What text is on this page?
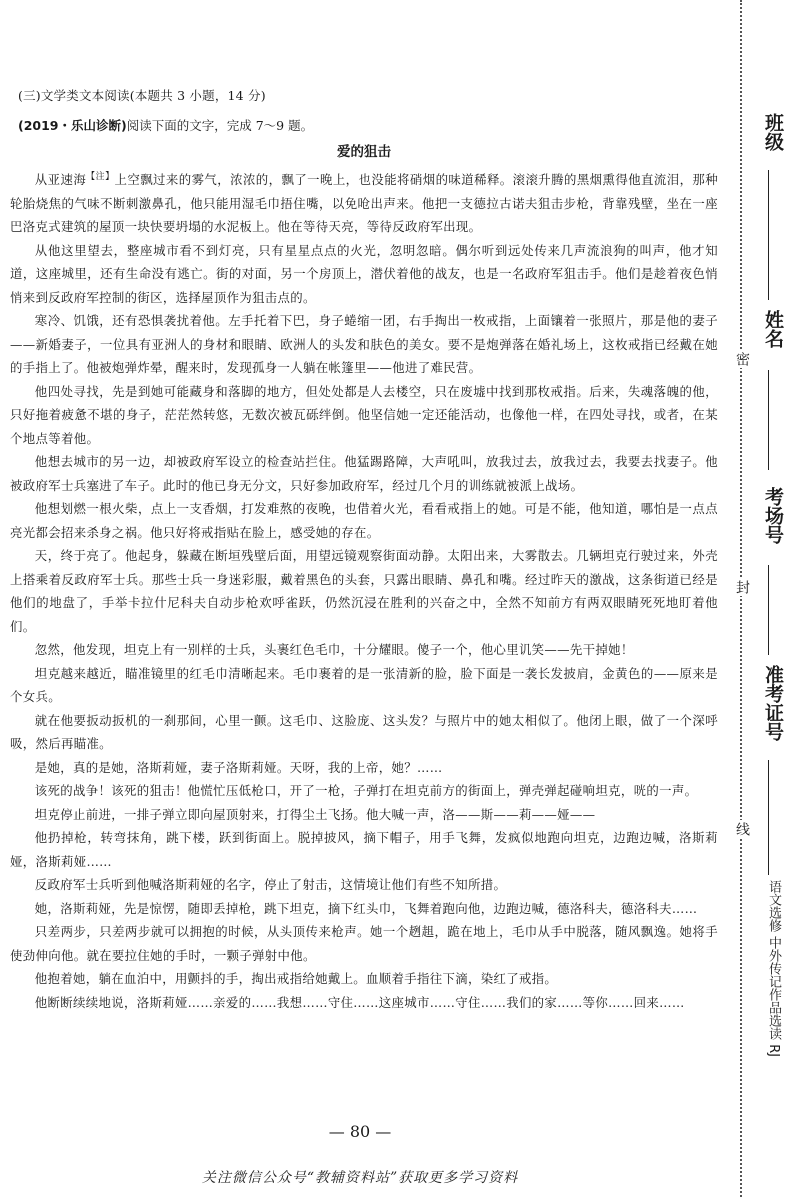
(三)文学类文本阅读(本题共 3 小题，14 分)
(2019・乐山诊断)阅读下面的文字，完成 7～9 题。
爱的狙击

从亚速海$^{【注】}$上空飘过来的雾气，浓浓的，飘了一晚上，也没能将硝烟的味道稀释。滚滚升腾的黑烟熏得他直流泪，那种轮胎烧焦的气味不断刺激鼻孔，他只能用湿毛巾捂住嘴，以免呛出声来。他把一支德拉古诺夫狙击步枪，背靠残壁，坐在一座巴洛克式建筑的屋顶一块快要坍塌的水泥板上。他在等待天亮，等待反政府军出现。

从他这里望去，整座城市看不到灯亮，只有星星点点的火光，忽明忽暗。偶尔听到远处传来几声流浪狗的叫声，他才知道，这座城里，还有生命没有逃亡。街的对面，另一个房顶上，潜伏着他的战友，也是一名政府军狙击手。他们是趁着夜色悄悄来到反政府军控制的街区，选择屋顶作为狙击点的。

寒冷、饥饿，还有恐惧袭扰着他。左手托着下巴，身子蜷缩一团，右手掏出一枚戒指，上面镶着一张照片，那是他的妻子——新婚妻子，一位具有亚洲人的身材和眼睛、欧洲人的头发和肤色的美女。要不是炮弹落在婚礼场上，这枚戒指已经戴在她的手指上了。他被炮弹炸晕，醒来时，发现孤身一人躺在帐篷里——他进了难民营。

他四处寻找，先是到她可能藏身和落脚的地方，但处处都是人去楼空，只在废墟中找到那枚戒指。后来，失魂落魄的他，只好拖着疲惫不堪的身子，茫茫然转悠，无数次被瓦砾绊倒。他坚信她一定还能活动，也像他一样，在四处寻找，或者，在某个地点等着他。

他想去城市的另一边，却被政府军设立的检查站拦住。他猛踢路障，大声吼叫，放我过去，放我过去，我要去找妻子。他被政府军士兵塞进了车子。此时的他已身无分文，只好参加政府军，经过几个月的训练就被派上战场。

他想划燃一根火柴，点上一支香烟，打发难熬的夜晚，也借着火光，看看戒指上的她。可是不能，他知道，哪怕是一点点亮光都会招来杀身之祸。他只好将戒指贴在脸上，感受她的存在。

天，终于亮了。他起身，躲藏在断垣残壁后面，用望远镜观察街面动静。太阳出来，大雾散去。几辆坦克行驶过来，外壳上搭乘着反政府军士兵。那些士兵一身迷彩服，戴着黑色的头套，只露出眼睛、鼻孔和嘴。经过昨天的激战，这条街道已经是他们的地盘了，手举卡拉什尼科夫自动步枪欢呼雀跃，仍然沉浸在胜利的兴奋之中，全然不知前方有两双眼睛死死地盯着他们。

忽然，他发现，坦克上有一别样的士兵，头裹红色毛巾，十分耀眼。傻子一个，他心里讥笑——先干掉她！

坦克越来越近，瞄准镜里的红毛巾清晰起来。毛巾裹着的是一张清新的脸，脸下面是一袭长发披肩，金黄色的——原来是个女兵。

就在他要扳动扳机的一刹那间，心里一颤。这毛巾、这脸庞、这头发？与照片中的她太相似了。他闭上眼，做了一个深呼吸，然后再瞄准。

是她，真的是她，洛斯莉娅，妻子洛斯莉娅。天呀，我的上帝，她？……

该死的战争！该死的狙击！他慌忙压低枪口，开了一枪，子弹打在坦克前方的街面上，弹壳弹起碰响坦克，咣的一声。

坦克停止前进，一排子弹立即向屋顶射来，打得尘土飞扬。他大喊一声，洛——斯——莉——娅——

他扔掉枪，转弯抹角，跳下楼，跃到街面上。脱掉披风，摘下帽子，用手飞舞，发疯似地跑向坦克，边跑边喊，洛斯莉娅，洛斯莉娅……

反政府军士兵听到他喊洛斯莉娅的名字，停止了射击，这情境让他们有些不知所措。

她，洛斯莉娅，先是惊愣，随即丢掉枪，跳下坦克，摘下红头巾，飞舞着跑向他，边跑边喊，德洛科夫，德洛科夫……

只差两步，只差两步就可以拥抱的时候，从头顶传来枪声。她一个趔趄，跪在地上，毛巾从手中脱落，随风飘逸。她将手使劲伸向他。就在要拉住她的手时，一颗子弹射中他。

他抱着她，躺在血泊中，用颤抖的手，掏出戒指给她戴上。血顺着手指往下滴，染红了戒指。

他断断续续地说，洛斯莉娅……亲爱的……我想……守住……这座城市……守住……我们的家……等你……回来……

— 80 —
关注微信公众号“教辅资料站”获取更多学习资料
班级
姓名
考场号
准考证号
密
封
线
语文选修 中外传记作品选读 RJ
